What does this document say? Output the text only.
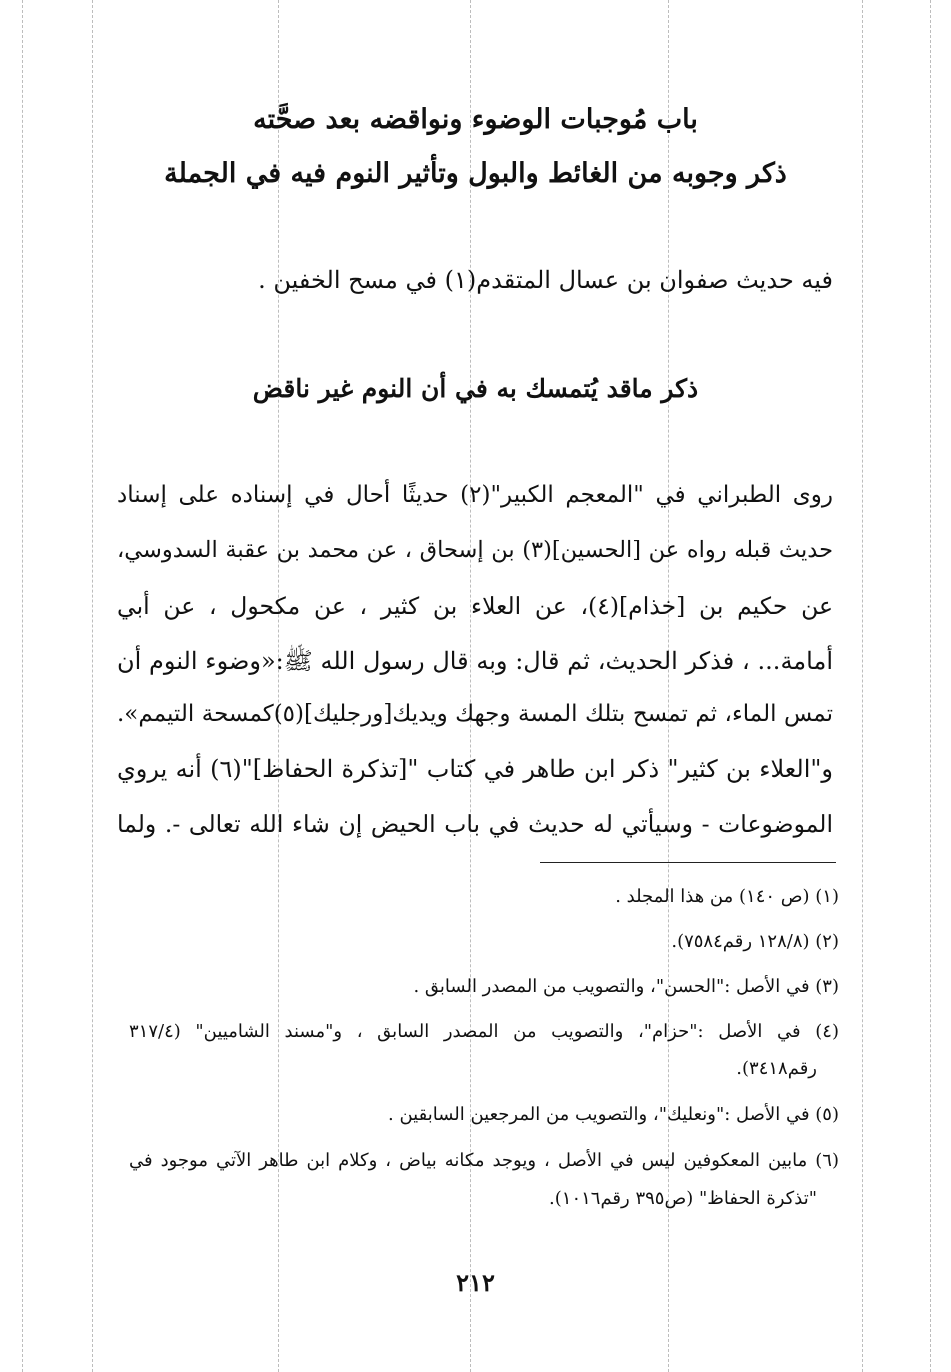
باب مُوجبات الوضوء ونواقضه بعد صحَّته
ذكر وجوبه من الغائط والبول وتأثير النوم فيه في الجملة
فيه حديث صفوان بن عسال المتقدم(١) في مسح الخفين .
ذكر ماقد يُتمسك به في أن النوم غير ناقض
روى الطبراني في "المعجم الكبير"(٢) حديثًا أحال في إسناده على إسناد
حديث قبله رواه عن [الحسين](٣) بن إسحاق ، عن محمد بن عقبة السدوسي،
عن حكيم بن [خذام](٤)، عن العلاء بن كثير ، عن مكحول ، عن أبي
أمامة... ، فذكر الحديث، ثم قال: وبه قال رسول الله ﷺ:«وضوء النوم أن
تمس الماء، ثم تمسح بتلك المسة وجهك ويديك[ورجليك](٥)كمسحة التيمم».
و"العلاء بن كثير" ذكر ابن طاهر في كتاب "[تذكرة الحفاظ]"(٦) أنه يروي
الموضوعات - وسيأتي له حديث في باب الحيض إن شاء الله تعالى -. ولما
(١) (ص ١٤٠) من هذا المجلد .
(٢) (١٢٨/٨ رقم٧٥٨٤).
(٣) في الأصل :"الحسن"، والتصويب من المصدر السابق .
(٤) في الأصل :"حزام"، والتصويب من المصدر السابق ، و"مسند الشاميين" (٣١٧/٤
رقم٣٤١٨).
(٥) في الأصل :"ونعليك"، والتصويب من المرجعين السابقين .
(٦) مابين المعكوفين ليس في الأصل ، ويوجد مكانه بياض ، وكلام ابن طاهر الآتي موجود في
"تذكرة الحفاظ" (ص٣٩٥ رقم١٠١٦).
٢١٢
